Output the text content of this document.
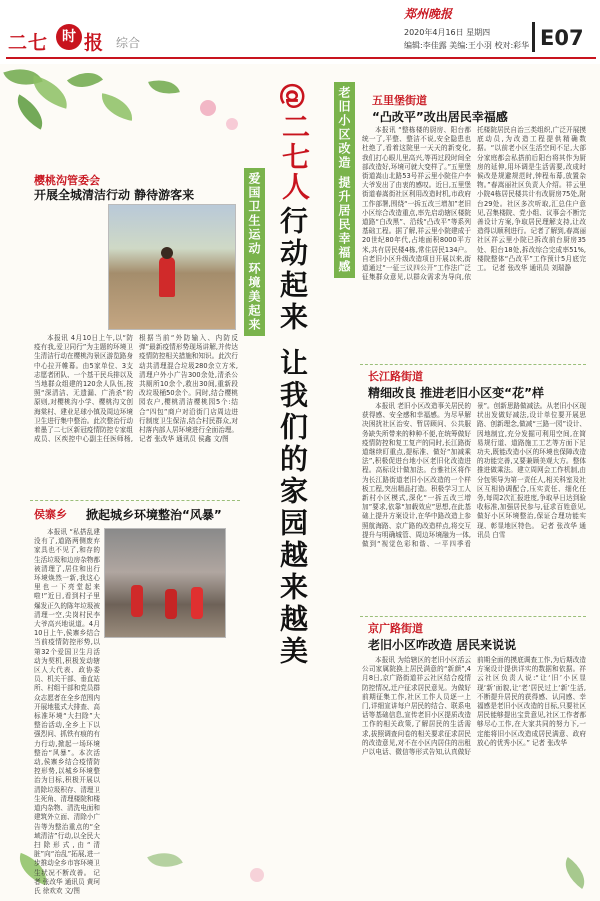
二七 时 报 综合
郑州晚报
2020年4月16日 星期四
编辑:李佳露 美编:王小羽 校对:彩华 E07
@二七人
行动起来 让我们的家园越来越美
爱国卫生运动 环境美起来	老旧小区改造 提升居民幸福感
樱桃沟管委会
开展全城清洁行动 静待游客来
本报讯 4月10日上午,以“防疫有我,爱卫同行”为主题的环境卫生清洁行动在樱桃沟景区游览路身中心拉开帷幕。由5家单位、3支志愿者团队、一个基干民兵排以及当地群众组建的120余人队伍,按照“深清洁、无遗漏、广消杀”的原则,对樱桃沟小学、樱桃沟文创海棠村、建业足球小镇及周边环境卫生进行集中整治。此次整治行动着墨了二七区新冠疫情防控专家组成员、区疾控中心副主任医师杨,根据当前“外防输入、内防反弹”最新疫情形势现场讲解,并传达疫情防控相关措施和知识。此次行动共清理混合垃圾280余立方米,清理户外小广告300余处,清杀公共厕所10余个,救出30间,重新段改垃圾桶50余个。同时,结合樱桃园农户,樱桃清洁樱桃园5个:结合“四包”商户对沿街门店周边进行制度卫生保洁,结合村民群众,对村落内部人居环境进行全面治理。 记者 张改华 通讯员 侯鑫 文/图
侯寨乡 掀起城乡环境整治“风暴”
本报讯 “私搭乱建没有了,道路两侧废弃家具也不见了,和存的生活垃圾和边房杂物都被清理了,居住和出行环境焕然一新,我这心里也一下亮堂起来啦!”近日,看到村子里爆发正久的陈年垃圾被清理一空,尖岗村民李大爷高兴地说道。4月10日上午,侯寨乡结合当前疫情防控形势,以第32个爱国卫生月活动为契机,积极发动辖区人大代表、政协委员、机关干部、垂直站所、村组干部和党员群众志愿者在全乡范围内开展地毯式大排查、高标准环境“大扫除”大整治活动,全乡上下以强烈问、抓铁有痕的有力行动,掀起一场环境整治“风暴”。本次活动,侯寨乡结合疫情防控形势,以城乡环境整治为目标,积极开展以清除垃圾积存、清理卫生死角、清理楼院和楼道内杂物、清洗电面和建筑外立面、清除小广告等为整治重点的“全域清洁”行动,以全民大扫除形式,由“清脏”向“治乱”拓展,进一步推动全乡市容环境卫生状况不断改善。 记者 张改华 通讯员 黄珂氏 徐欢欢 文/图
五里堡街道
“凸改平”改出居民幸福感
本报讯 “整栋楼的厨房、阳台都统一了,平整、整洁不说,安全隐患也杜绝了,看着这院里一天天的新变化,我们打心眼儿里高兴,等再过段时间全部改造好,环境可就大变样了。”五里堡街道嵩山北路53号祥云里小院住户李大爷发出了由衷的感叹。近日,五里堡街道春嵩街社区利用改造时机,市政府工作部署,围绕“一拆五改三增加”老旧小区综合改造重点,率先启动辖区楼院道路“白改黑”、沿线“凸改平”等系列基础工程。据了解,祥云里小院建成于20世纪80年代,占地面积8000平方米,共有居民楼4栋,常住居民134户。自老旧小区升级改造项目开展以来,街道通过“一征三议四公开”工作法广泛征集群众意见,以群众需求为导向,依托楼院居民自治三类组织,广泛开展摸底动员,为改造工程提供精确数据。“以前老小区生活空间不足,大部分家庭都会私搭前后阳台将其作为厨房的延伸,用坏调是生活需要,改成时候改是规避规范时,钟程布幕,放置杂物。”春嵩丽社区负责人介绍。祥云里小院4栋居民楼共计有改厨房75处,附台29处。社区多次听取,汇总住户意见,召集楼院、党小组、议事会不断完善设计方案,争取居民理解支持,让改造得以顺利进行。记者了解到,春嵩丽社区祥云里小院已拆改前台厨房35处、阳台18处,拆改综合完成率51%,楼院整体“凸改平”工作预计5月底完工。 记者 张改华 通讯员 刘瑞静
长江路街道
精细改良 推进老旧小区变“花”样
本报讯 老旧小区改造事关居民的获得感、安全感和幸福感。为尽早解决困扰社区治安、暂居顾问、公共服务缺失所带来的种种不便,在统筹做好疫情防控和复工复产的同时,长江路街道继续盯重点,提标准、做好“加减乘法”,积极促进台地小区老旧化改造进程。高标设计做加法。台雅社区将作为长江路街道老旧小区改造的一个样板工程,突出精品打造。积极学习工人新村小区模式,深化“一拆五改三增加”要求,依靠“加载效应”思想,在此基础上提升方案设计,在华中路改造上参照航海路、京广路的改造样点,将交互提升与明确城管、周边环境融为一体,做到“视觉色彩和谐、一平四季看景”。创新思路做减法。从老旧小区现状出发做好减法,设计单位要开展思路、创新理念,做减“三路一园”设计、因地制宜,充分发掘可利用空间,在简易规行道、道路施工工艺等方面下足功夫,既能改造小区的环境也保障改造的功能完善,又要兼顾美观大方。整体推进做乘法。建立周网会工作机制,由分包领导为第一责任人,相关科室及社区互相协调配合,压实责任、细化任务,每周2次汇报进度,争取早日达到验收标准,加强居民参与,征求百姓意见,做好小区环境整治,保证合理功能实现、彰显地区特色。 记者 张改华 通讯员 白雪
京广路街道
老旧小区咋改造 居民来说说
本报讯 为给辖区的老旧小区活云公司家属院换上居民满意的“新颜”,4月8日,京广路街道祥云社区结合疫情防控情况,迁户征求居民意见。为做好前期征集工作,社区工作人员逐一上门,详细宣讲每户居民的结合、联系电话等基础信息,宣传老旧小区提质改造工作的相关政策,了解居民的生活需求,拔照调查问卷的相关要求征求居民的改造意见,对不在小区内居住的出租户以电话、微信等形式告知,认真做好前期全面的摸底调查工作,为后期改造方案设计提供详实的数据和依据。祥云社区负责人说:“让‘旧’小区显现‘新’面貌,让‘老’居民过上‘新’生活,不断提升居民的获得感、认同感、幸福感是老旧小区改造的目标,只要社区居民能够提出宝贵意见,社区工作者都够尽心工作,在大家共同的努力下,一定能将旧小区改造成居民满意、政府放心的优秀小区。” 记者 张改华
